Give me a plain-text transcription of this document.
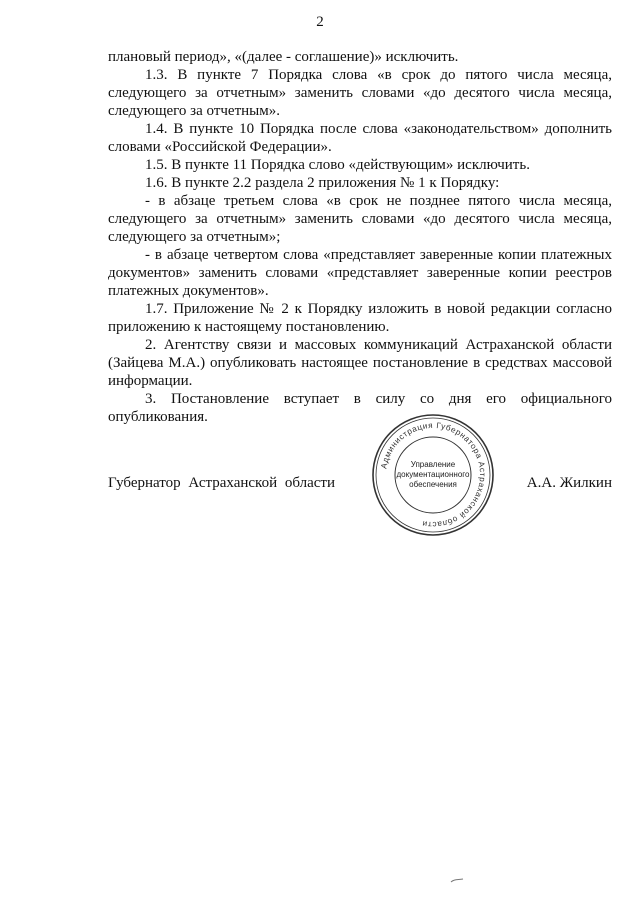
2

плановый период», «(далее - соглашение)» исключить.

1.3. В пункте 7 Порядка слова «в срок до пятого числа месяца, следующего за отчетным» заменить словами «до десятого числа месяца, следующего за отчетным».

1.4. В пункте 10 Порядка после слова «законодательством» дополнить словами «Российской Федерации».

1.5. В пункте 11 Порядка слово «действующим» исключить.

1.6. В пункте 2.2 раздела 2 приложения № 1 к Порядку:

- в абзаце третьем слова «в срок не позднее пятого числа месяца, следующего за отчетным» заменить словами «до десятого числа месяца, следующего за отчетным»;

- в абзаце четвертом слова «представляет заверенные копии платежных документов» заменить словами «представляет заверенные копии реестров платежных документов».

1.7. Приложение № 2 к Порядку изложить в новой редакции согласно приложению к настоящему постановлению.

2. Агентству связи и массовых коммуникаций Астраханской области (Зайцева М.А.) опубликовать настоящее постановление в средствах массовой информации.

3. Постановление вступает в силу со дня его официального опубликования.

Губернатор Астраханской области	А.А. Жилкин
Администрация Губернатора Астраханской области
Управление
документационного
обеспечения
